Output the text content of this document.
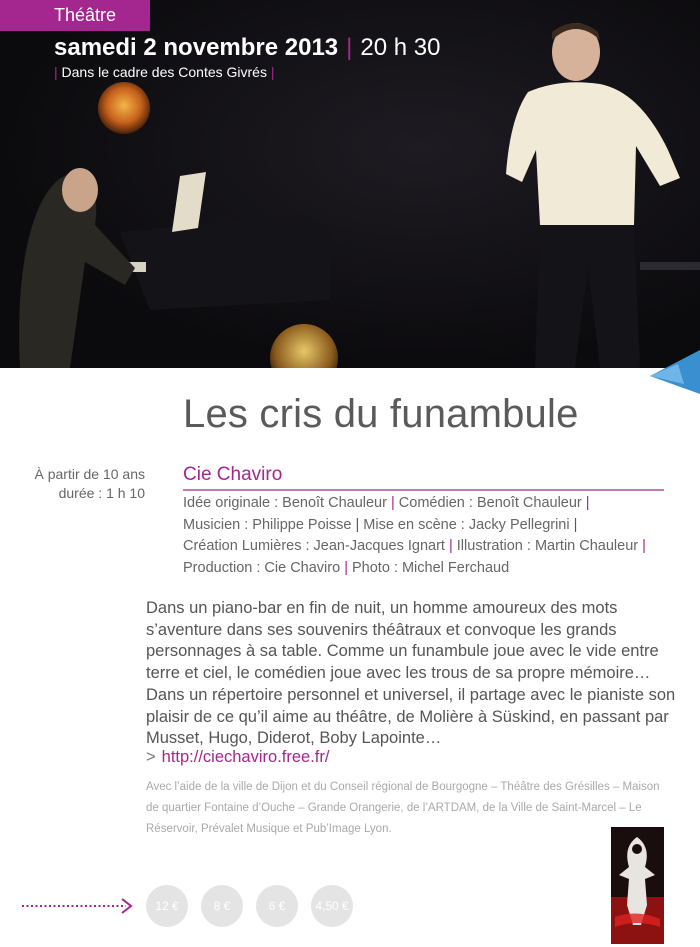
Théâtre
samedi 2 novembre 2013 | 20 h 30
| Dans le cadre des Contes Givrés |
Les cris du funambule
À partir de 10 ans
durée : 1 h 10
Cie Chaviro
Idée originale : Benoît Chauleur | Comédien : Benoît Chauleur |
Musicien : Philippe Poisse | Mise en scène : Jacky Pellegrini |
Création Lumières : Jean-Jacques Ignart | Illustration : Martin Chauleur |
Production : Cie Chaviro | Photo : Michel Ferchaud
Dans un piano-bar en fin de nuit, un homme amoureux des mots s’aventure dans ses souvenirs théâtraux et convoque les grands personnages à sa table. Comme un funambule joue avec le vide entre terre et ciel, le comédien joue avec les trous de sa propre mémoire… Dans un répertoire personnel et universel, il partage avec le pianiste son plaisir de ce qu’il aime au théâtre, de Molière à Süskind, en passant par Musset, Hugo, Diderot, Boby Lapointe…
> http://ciechaviro.free.fr/
Avec l’aide de la ville de Dijon et du Conseil régional de Bourgogne – Théâtre des Grésilles – Maison de quartier Fontaine d’Ouche – Grande Orangerie, de l’ARTDAM, de la Ville de Saint-Marcel – Le Réservoir, Prévalet Musique et Pub’Image Lyon.
12 €	8 €	6 €	4,50 €
